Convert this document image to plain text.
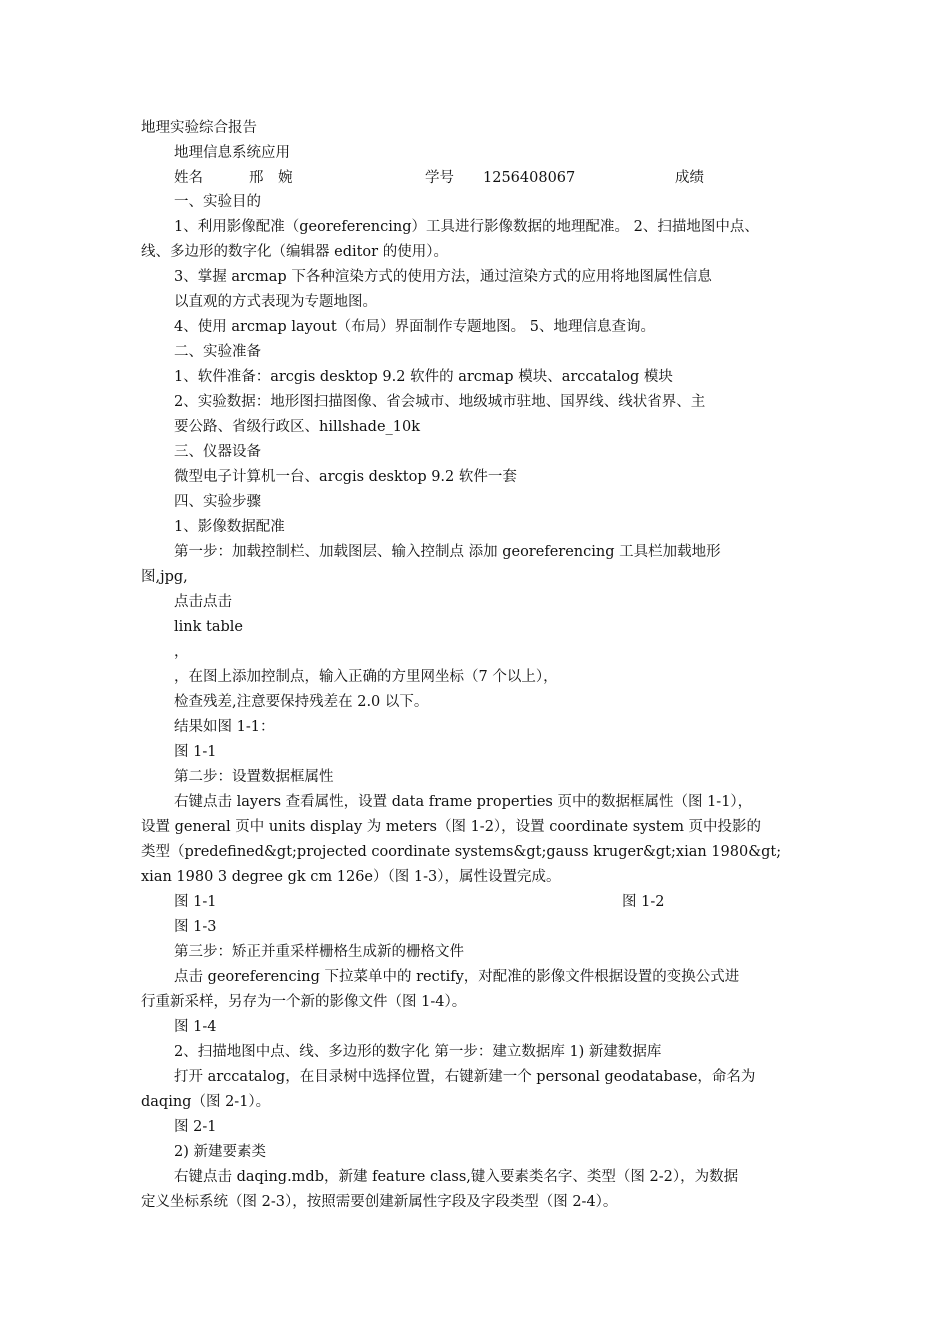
地理实验综合报告
地理信息系统应用
姓名	邢　婉	学号 1256408067	成绩
一、实验目的
1、利用影像配准（georeferencing）工具进行影像数据的地理配准。 2、扫描地图中点、
线、多边形的数字化（编辑器 editor 的使用）。
3、掌握 arcmap 下各种渲染方式的使用方法，通过渲染方式的应用将地图属性信息
以直观的方式表现为专题地图。
4、使用 arcmap layout（布局）界面制作专题地图。 5、地理信息查询。
二、实验准备
1、软件准备：arcgis desktop 9.2 软件的 arcmap 模块、arccatalog 模块
2、实验数据：地形图扫描图像、省会城市、地级城市驻地、国界线、线状省界、主
要公路、省级行政区、hillshade_10k
三、仪器设备
微型电子计算机一台、arcgis desktop 9.2 软件一套
四、实验步骤
1、影像数据配准
第一步：加载控制栏、加载图层、输入控制点 添加 georeferencing 工具栏加载地形
图,jpg,
点击点击
link table
，
，在图上添加控制点，输入正确的方里网坐标（7 个以上），
检查残差,注意要保持残差在 2.0 以下。
结果如图 1-1：
图 1-1
第二步：设置数据框属性
右键点击 layers 查看属性，设置 data frame properties 页中的数据框属性（图 1-1），
设置 general 页中 units display 为 meters（图 1-2），设置 coordinate system 页中投影的
类型（predefined&gt;projected coordinate systems&gt;gauss kruger&gt;xian 1980&gt;
xian 1980 3 degree gk cm 126e）（图 1-3），属性设置完成。
图 1-1	图 1-2
图 1-3
第三步：矫正并重采样栅格生成新的栅格文件
点击 georeferencing 下拉菜单中的 rectify，对配准的影像文件根据设置的变换公式进
行重新采样，另存为一个新的影像文件（图 1-4）。
图 1-4
2、扫描地图中点、线、多边形的数字化 第一步：建立数据库 1) 新建数据库
打开 arccatalog，在目录树中选择位置，右键新建一个 personal geodatabase，命名为
daqing（图 2-1）。
图 2-1
2) 新建要素类
右键点击 daqing.mdb，新建 feature class,键入要素类名字、类型（图 2-2），为数据
定义坐标系统（图 2-3），按照需要创建新属性字段及字段类型（图 2-4）。
